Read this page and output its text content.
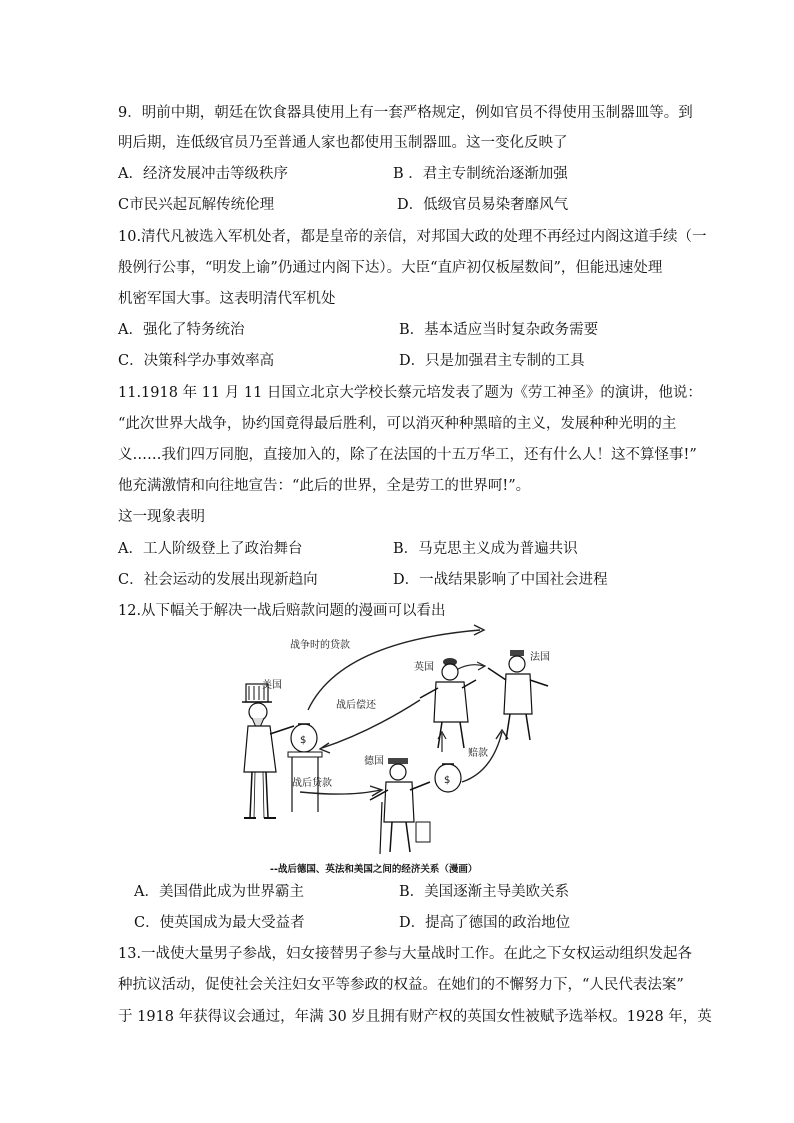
9．明前中期，朝廷在饮食器具使用上有一套严格规定，例如官员不得使用玉制器皿等。到
明后期，连低级官员乃至普通人家也都使用玉制器皿。这一变化反映了
A．经济发展冲击等级秩序	B ．君主专制统治逐渐加强
C市民兴起瓦解传统伦理	D．低级官员易染奢靡风气
10.清代凡被选入军机处者，都是皇帝的亲信，对邦国大政的处理不再经过内阁这道手续（一
般例行公事，“明发上谕”仍通过内阁下达）。大臣“直庐初仅板屋数间”，但能迅速处理
机密军国大事。这表明清代军机处
A．强化了特务统治	B．基本适应当时复杂政务需要
C．决策科学办事效率高	D．只是加强君主专制的工具
11.1918 年 11 月 11 日国立北京大学校长蔡元培发表了题为《劳工神圣》的演讲，他说：
“此次世界大战争，协约国竟得最后胜利，可以消灭种种黑暗的主义，发展种种光明的主
义……我们四万同胞，直接加入的，除了在法国的十五万华工，还有什么人！这不算怪事!”
他充满激情和向往地宣告：“此后的世界，全是劳工的世界呵!”。
这一现象表明
A．工人阶级登上了政治舞台	B．马克思主义成为普遍共识
C．社会运动的发展出现新趋向	D．一战结果影响了中国社会进程
12.从下幅关于解决一战后赔款问题的漫画可以看出
战争时的贷款
战后偿还
战后贷款
赔款
美国
$
英国
法国
德国
$
--战后德国、英法和美国之间的经济关系（漫画）
A．美国借此成为世界霸主	B．美国逐渐主导美欧关系
C．使英国成为最大受益者	D．提高了德国的政治地位
13.一战使大量男子参战，妇女接替男子参与大量战时工作。在此之下女权运动组织发起各
种抗议活动，促使社会关注妇女平等参政的权益。在她们的不懈努力下，“人民代表法案”
于 1918 年获得议会通过，年满 30 岁且拥有财产权的英国女性被赋予选举权。1928 年，英
